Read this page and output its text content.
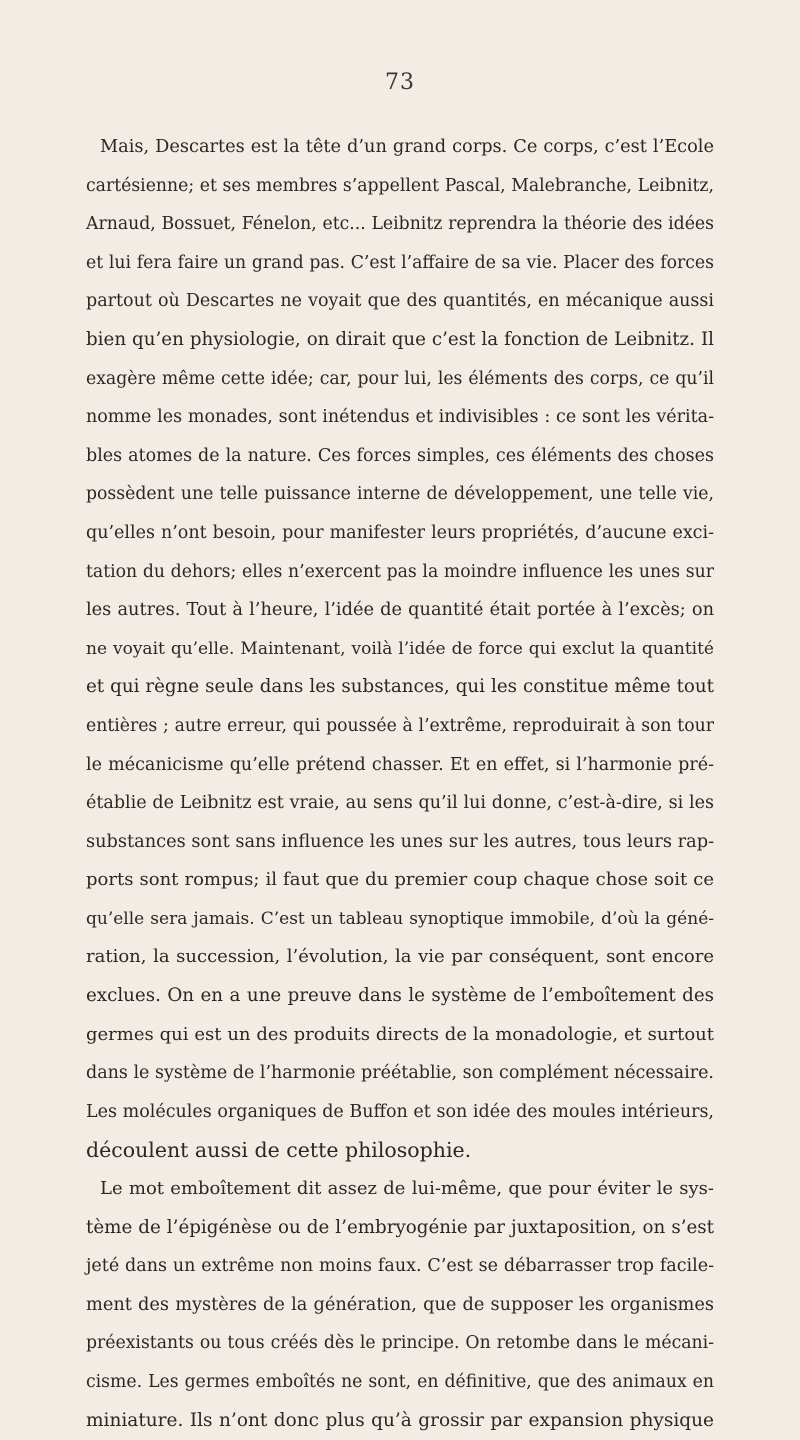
73
Mais, Descartes est la tête d’un grand corps. Ce corps, c’est l’Ecole
cartésienne; et ses membres s’appellent Pascal, Malebranche, Leibnitz,
Arnaud, Bossuet, Fénelon, etc... Leibnitz reprendra la théorie des idées
et lui fera faire un grand pas. C’est l’affaire de sa vie. Placer des forces
partout où Descartes ne voyait que des quantités, en mécanique aussi
bien qu’en physiologie, on dirait que c’est la fonction de Leibnitz. Il
exagère même cette idée; car, pour lui, les éléments des corps, ce qu’il
nomme les monades, sont inétendus et indivisibles : ce sont les vérita-
bles atomes de la nature. Ces forces simples, ces éléments des choses
possèdent une telle puissance interne de développement, une telle vie,
qu’elles n’ont besoin, pour manifester leurs propriétés, d’aucune exci-
tation du dehors; elles n’exercent pas la moindre influence les unes sur
les autres. Tout à l’heure, l’idée de quantité était portée à l’excès; on
ne voyait qu’elle. Maintenant, voilà l’idée de force qui exclut la quantité
et qui règne seule dans les substances, qui les constitue même tout
entières ; autre erreur, qui poussée à l’extrême, reproduirait à son tour
le mécanicisme qu’elle prétend chasser. Et en effet, si l’harmonie pré-
établie de Leibnitz est vraie, au sens qu’il lui donne, c’est-à-dire, si les
substances sont sans influence les unes sur les autres, tous leurs rap-
ports sont rompus; il faut que du premier coup chaque chose soit ce
qu’elle sera jamais. C’est un tableau synoptique immobile, d’où la géné-
ration, la succession, l’évolution, la vie par conséquent, sont encore
exclues. On en a une preuve dans le système de l’emboîtement des
germes qui est un des produits directs de la monadologie, et surtout
dans le système de l’harmonie préétablie, son complément nécessaire.
Les molécules organiques de Buffon et son idée des moules intérieurs,
découlent aussi de cette philosophie.
Le mot emboîtement dit assez de lui-même, que pour éviter le sys-
tème de l’épigénèse ou de l’embryogénie par juxtaposition, on s’est
jeté dans un extrême non moins faux. C’est se débarrasser trop facile-
ment des mystères de la génération, que de supposer les organismes
préexistants ou tous créés dès le principe. On retombe dans le mécani-
cisme. Les germes emboîtés ne sont, en définitive, que des animaux en
miniature. Ils n’ont donc plus qu’à grossir par expansion physique
